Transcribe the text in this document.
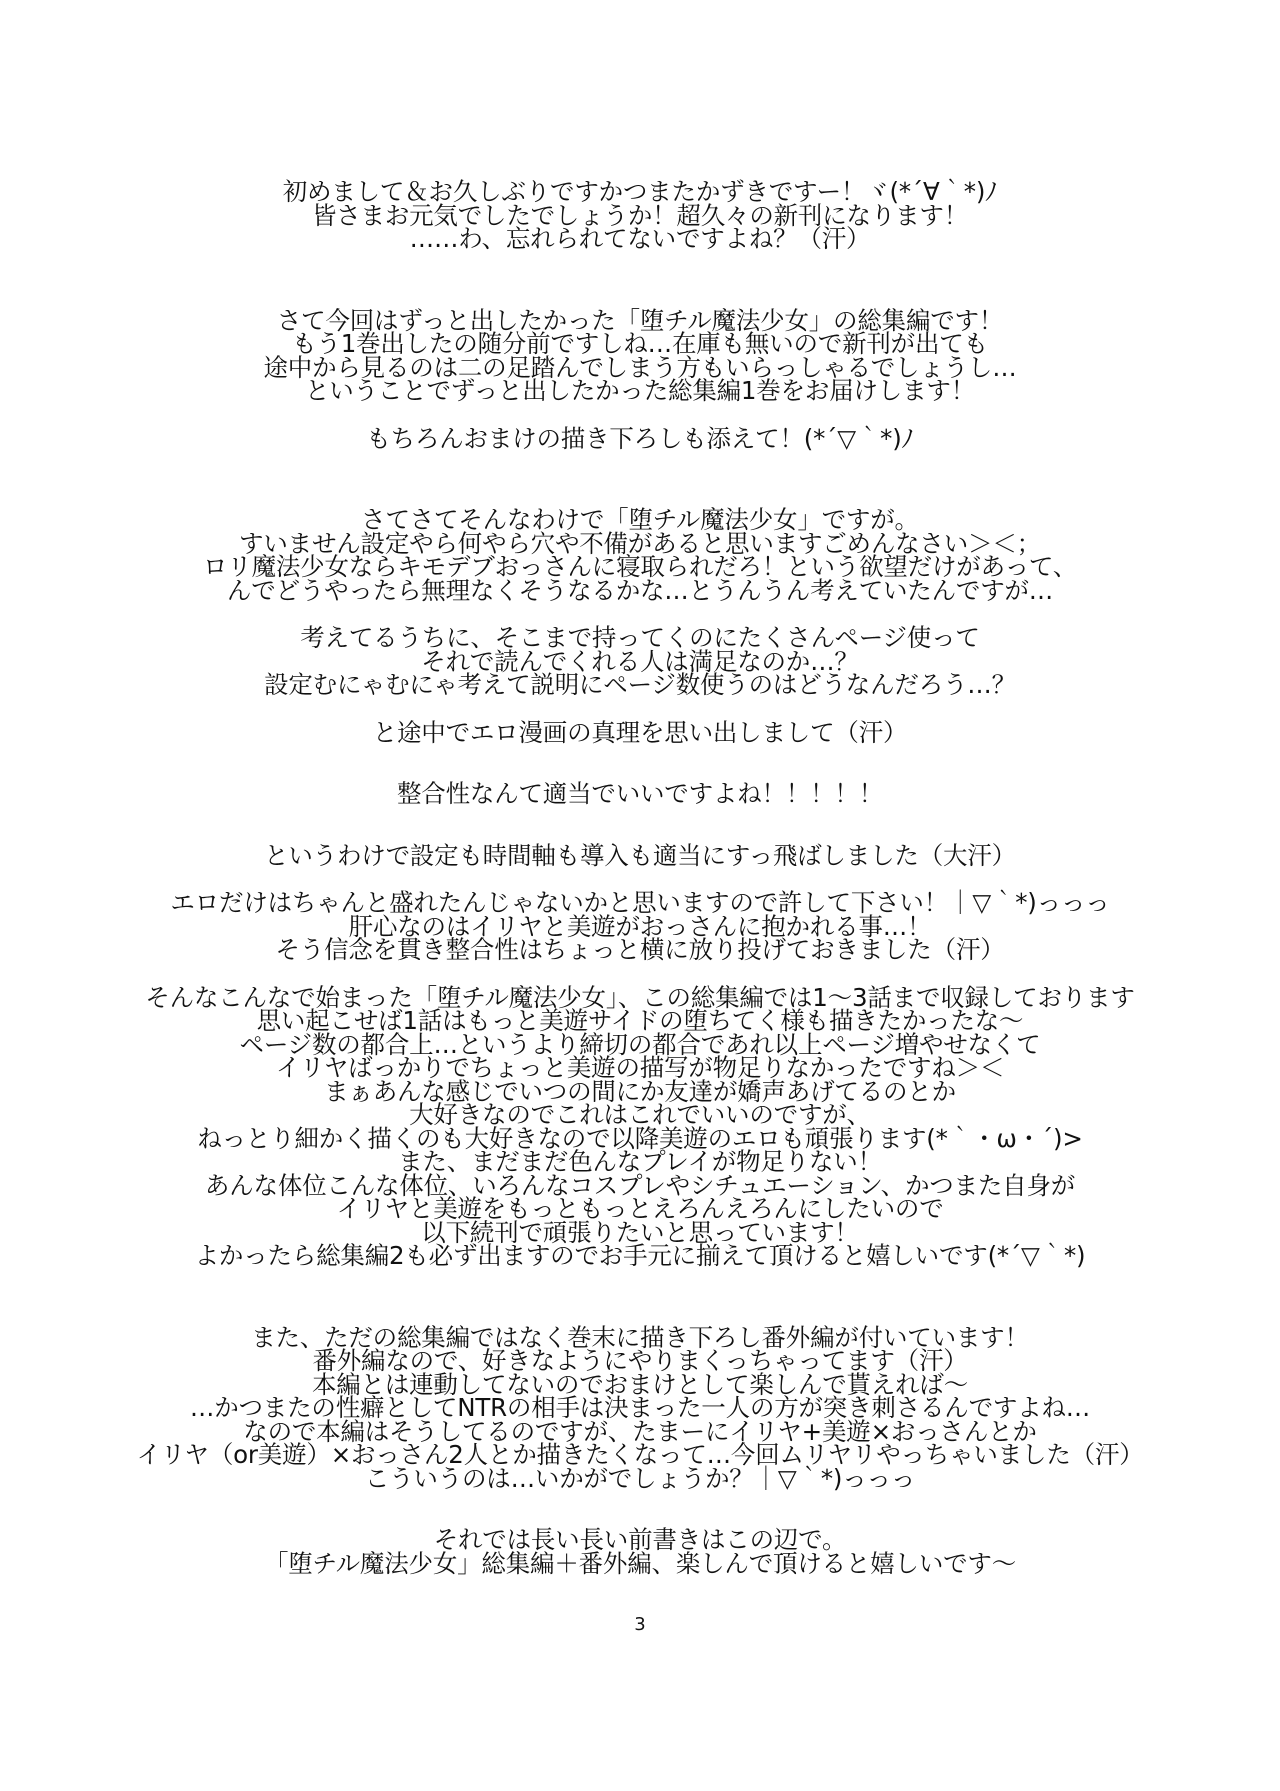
初めまして＆お久しぶりですかつまたかずきですー！ヾ(*´∀｀*)ﾉ
皆さまお元気でしたでしょうか！超久々の新刊になります！
……わ、忘れられてないですよね？（汗）
さて今回はずっと出したかった「堕チル魔法少女」の総集編です！
もう1巻出したの随分前ですしね…在庫も無いので新刊が出ても
途中から見るのは二の足踏んでしまう方もいらっしゃるでしょうし…
ということでずっと出したかった総集編1巻をお届けします！
もちろんおまけの描き下ろしも添えて！(*´▽｀*)ﾉ
さてさてそんなわけで「堕チル魔法少女」ですが。
すいません設定やら何やら穴や不備があると思いますごめんなさい＞＜；
ロリ魔法少女ならキモデブおっさんに寝取られだろ！という欲望だけがあって、
んでどうやったら無理なくそうなるかな…とうんうん考えていたんですが…
考えてるうちに、そこまで持ってくのにたくさんページ使って
それで読んでくれる人は満足なのか…？
設定むにゃむにゃ考えて説明にページ数使うのはどうなんだろう…？
と途中でエロ漫画の真理を思い出しまして（汗）
整合性なんて適当でいいですよね！！！！！
というわけで設定も時間軸も導入も適当にすっ飛ばしました（大汗）
エロだけはちゃんと盛れたんじゃないかと思いますので許して下さい！｜▽｀*)っっっ
肝心なのはイリヤと美遊がおっさんに抱かれる事…！
そう信念を貫き整合性はちょっと横に放り投げておきました（汗）
そんなこんなで始まった「堕チル魔法少女」、この総集編では1～3話まで収録しております
思い起こせば1話はもっと美遊サイドの堕ちてく様も描きたかったな～
ページ数の都合上…というより締切の都合であれ以上ページ増やせなくて
イリヤばっかりでちょっと美遊の描写が物足りなかったですね＞＜
まぁあんな感じでいつの間にか友達が嬌声あげてるのとか
大好きなのでこれはこれでいいのですが、
ねっとり細かく描くのも大好きなので以降美遊のエロも頑張ります(*｀・ω・´)>
また、まだまだ色んなプレイが物足りない！
あんな体位こんな体位、いろんなコスプレやシチュエーション、かつまた自身が
イリヤと美遊をもっともっとえろんえろんにしたいので
以下続刊で頑張りたいと思っています！
よかったら総集編2も必ず出ますのでお手元に揃えて頂けると嬉しいです(*´▽｀*)
また、ただの総集編ではなく巻末に描き下ろし番外編が付いています！
番外編なので、好きなようにやりまくっちゃってます（汗）
本編とは連動してないのでおまけとして楽しんで貰えれば～
…かつまたの性癖としてNTRの相手は決まった一人の方が突き刺さるんですよね…
なので本編はそうしてるのですが、たまーにイリヤ+美遊×おっさんとか
イリヤ（or美遊）×おっさん2人とか描きたくなって…今回ムリヤリやっちゃいました（汗）
こういうのは…いかがでしょうか？｜▽｀*)っっっ
それでは長い長い前書きはこの辺で。
「堕チル魔法少女」総集編＋番外編、楽しんで頂けると嬉しいです～
3
